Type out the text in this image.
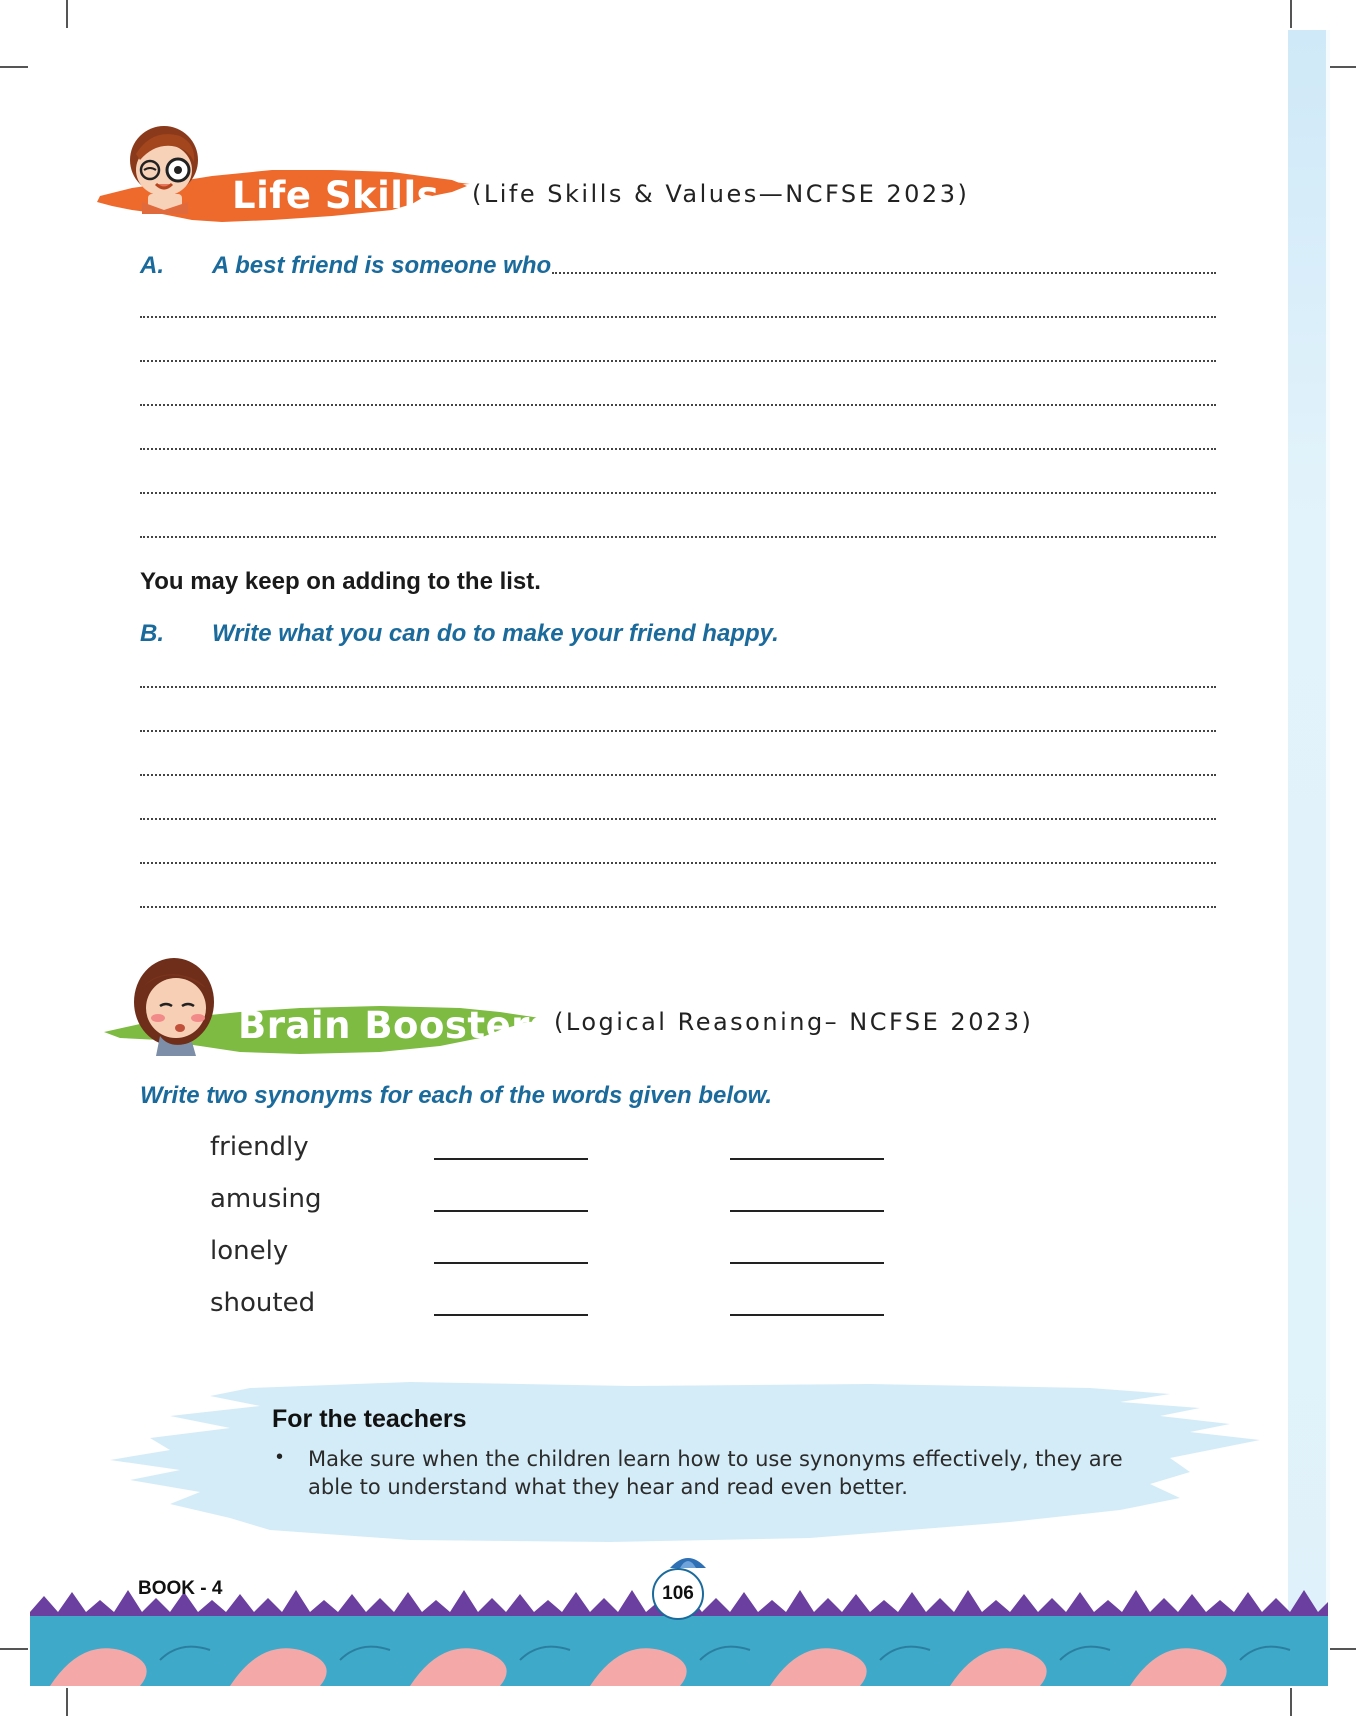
Life Skills (Life Skills & Values—NCFSE 2023)
A. A best friend is someone who
You may keep on adding to the list.
B. Write what you can do to make your friend happy.
Brain Boosters (Logical Reasoning– NCFSE 2023)
Write two synonyms for each of the words given below.
friendly
amusing
lonely
shouted
For the teachers
• Make sure when the children learn how to use synonyms effectively, they are able to understand what they hear and read even better.
BOOK - 4	106
